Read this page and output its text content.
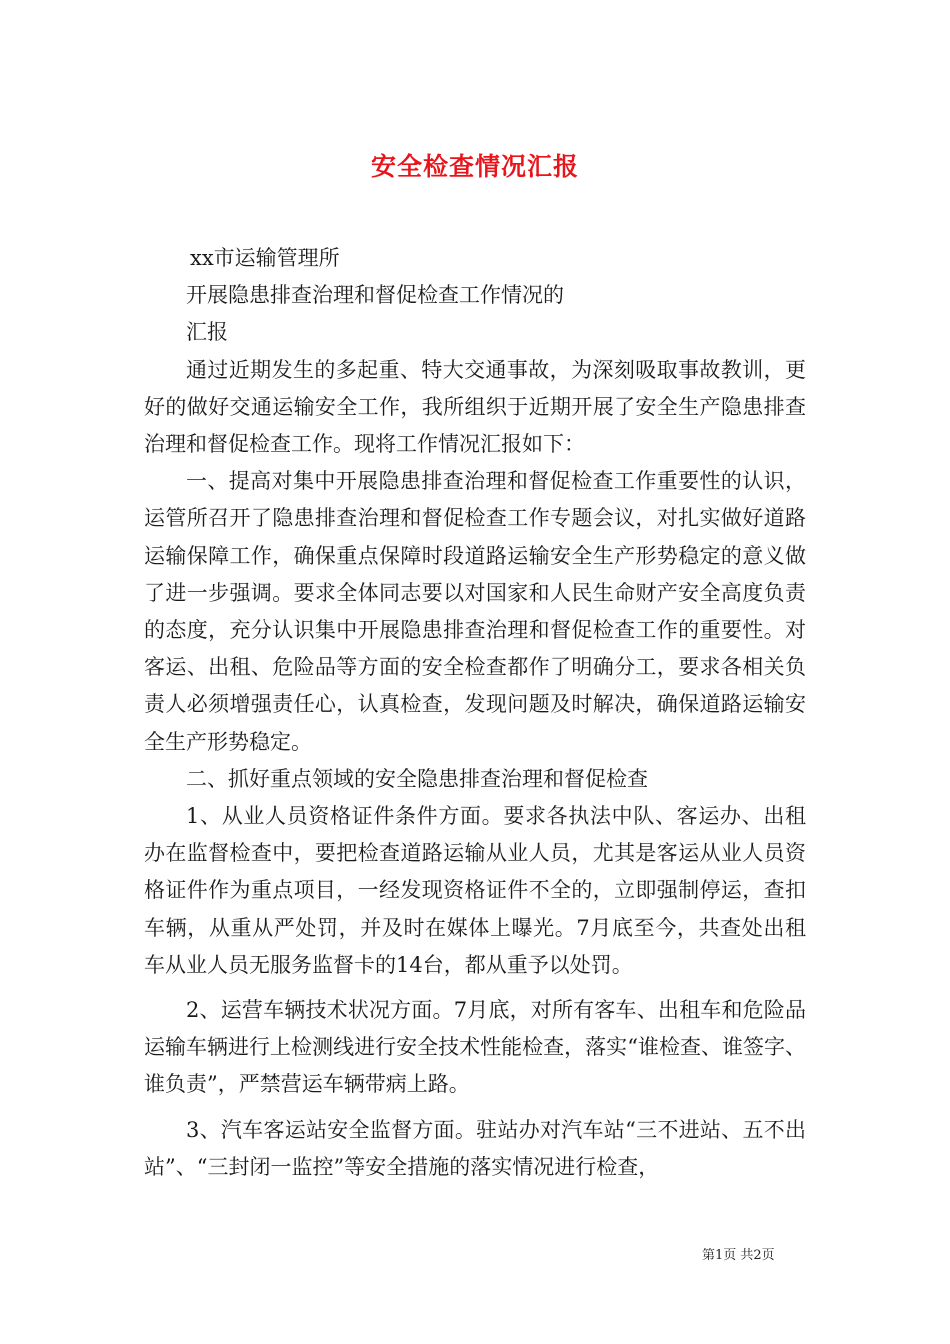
安全检查情况汇报

xx市运输管理所

开展隐患排查治理和督促检查工作情况的

汇报

通过近期发生的多起重、特大交通事故，为深刻吸取事故教训，更好的做好交通运输安全工作，我所组织于近期开展了安全生产隐患排查治理和督促检查工作。现将工作情况汇报如下：

一、提高对集中开展隐患排查治理和督促检查工作重要性的认识，运管所召开了隐患排查治理和督促检查工作专题会议，对扎实做好道路运输保障工作，确保重点保障时段道路运输安全生产形势稳定的意义做了进一步强调。要求全体同志要以对国家和人民生命财产安全高度负责的态度，充分认识集中开展隐患排查治理和督促检查工作的重要性。对客运、出租、危险品等方面的安全检查都作了明确分工，要求各相关负责人必须增强责任心，认真检查，发现问题及时解决，确保道路运输安全生产形势稳定。

二、抓好重点领域的安全隐患排查治理和督促检查

1、从业人员资格证件条件方面。要求各执法中队、客运办、出租办在监督检查中，要把检查道路运输从业人员，尤其是客运从业人员资格证件作为重点项目，一经发现资格证件不全的，立即强制停运，查扣车辆，从重从严处罚，并及时在媒体上曝光。7月底至今，共查处出租车从业人员无服务监督卡的14台，都从重予以处罚。

2、运营车辆技术状况方面。7月底，对所有客车、出租车和危险品运输车辆进行上检测线进行安全技术性能检查，落实“谁检查、谁签字、谁负责”，严禁营运车辆带病上路。

3、汽车客运站安全监督方面。驻站办对汽车站“三不进站、五不出站”、“三封闭一监控”等安全措施的落实情况进行检查，

第1页 共2页
